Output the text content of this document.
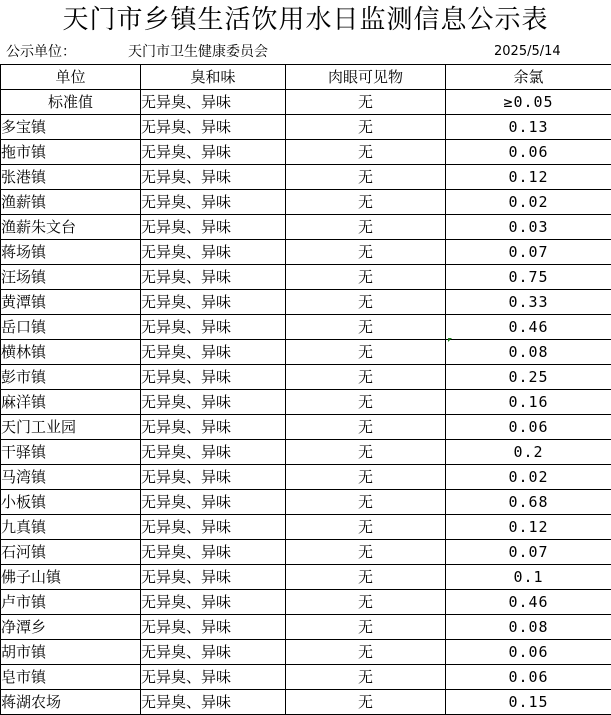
天门市乡镇生活饮用水日监测信息公示表
公示单位：	天门市卫生健康委员会	2025/5/14
单位	臭和味	肉眼可见物	余氯
标准值	无异臭、异味	无	≥0.05
多宝镇	无异臭、异味	无	0.13
拖市镇	无异臭、异味	无	0.06
张港镇	无异臭、异味	无	0.12
渔薪镇	无异臭、异味	无	0.02
渔薪朱文台	无异臭、异味	无	0.03
蒋场镇	无异臭、异味	无	0.07
汪场镇	无异臭、异味	无	0.75
黄潭镇	无异臭、异味	无	0.33
岳口镇	无异臭、异味	无	0.46
横林镇	无异臭、异味	无	0.08
彭市镇	无异臭、异味	无	0.25
麻洋镇	无异臭、异味	无	0.16
天门工业园	无异臭、异味	无	0.06
干驿镇	无异臭、异味	无	0.2
马湾镇	无异臭、异味	无	0.02
小板镇	无异臭、异味	无	0.68
九真镇	无异臭、异味	无	0.12
石河镇	无异臭、异味	无	0.07
佛子山镇	无异臭、异味	无	0.1
卢市镇	无异臭、异味	无	0.46
净潭乡	无异臭、异味	无	0.08
胡市镇	无异臭、异味	无	0.06
皂市镇	无异臭、异味	无	0.06
蒋湖农场	无异臭、异味	无	0.15
